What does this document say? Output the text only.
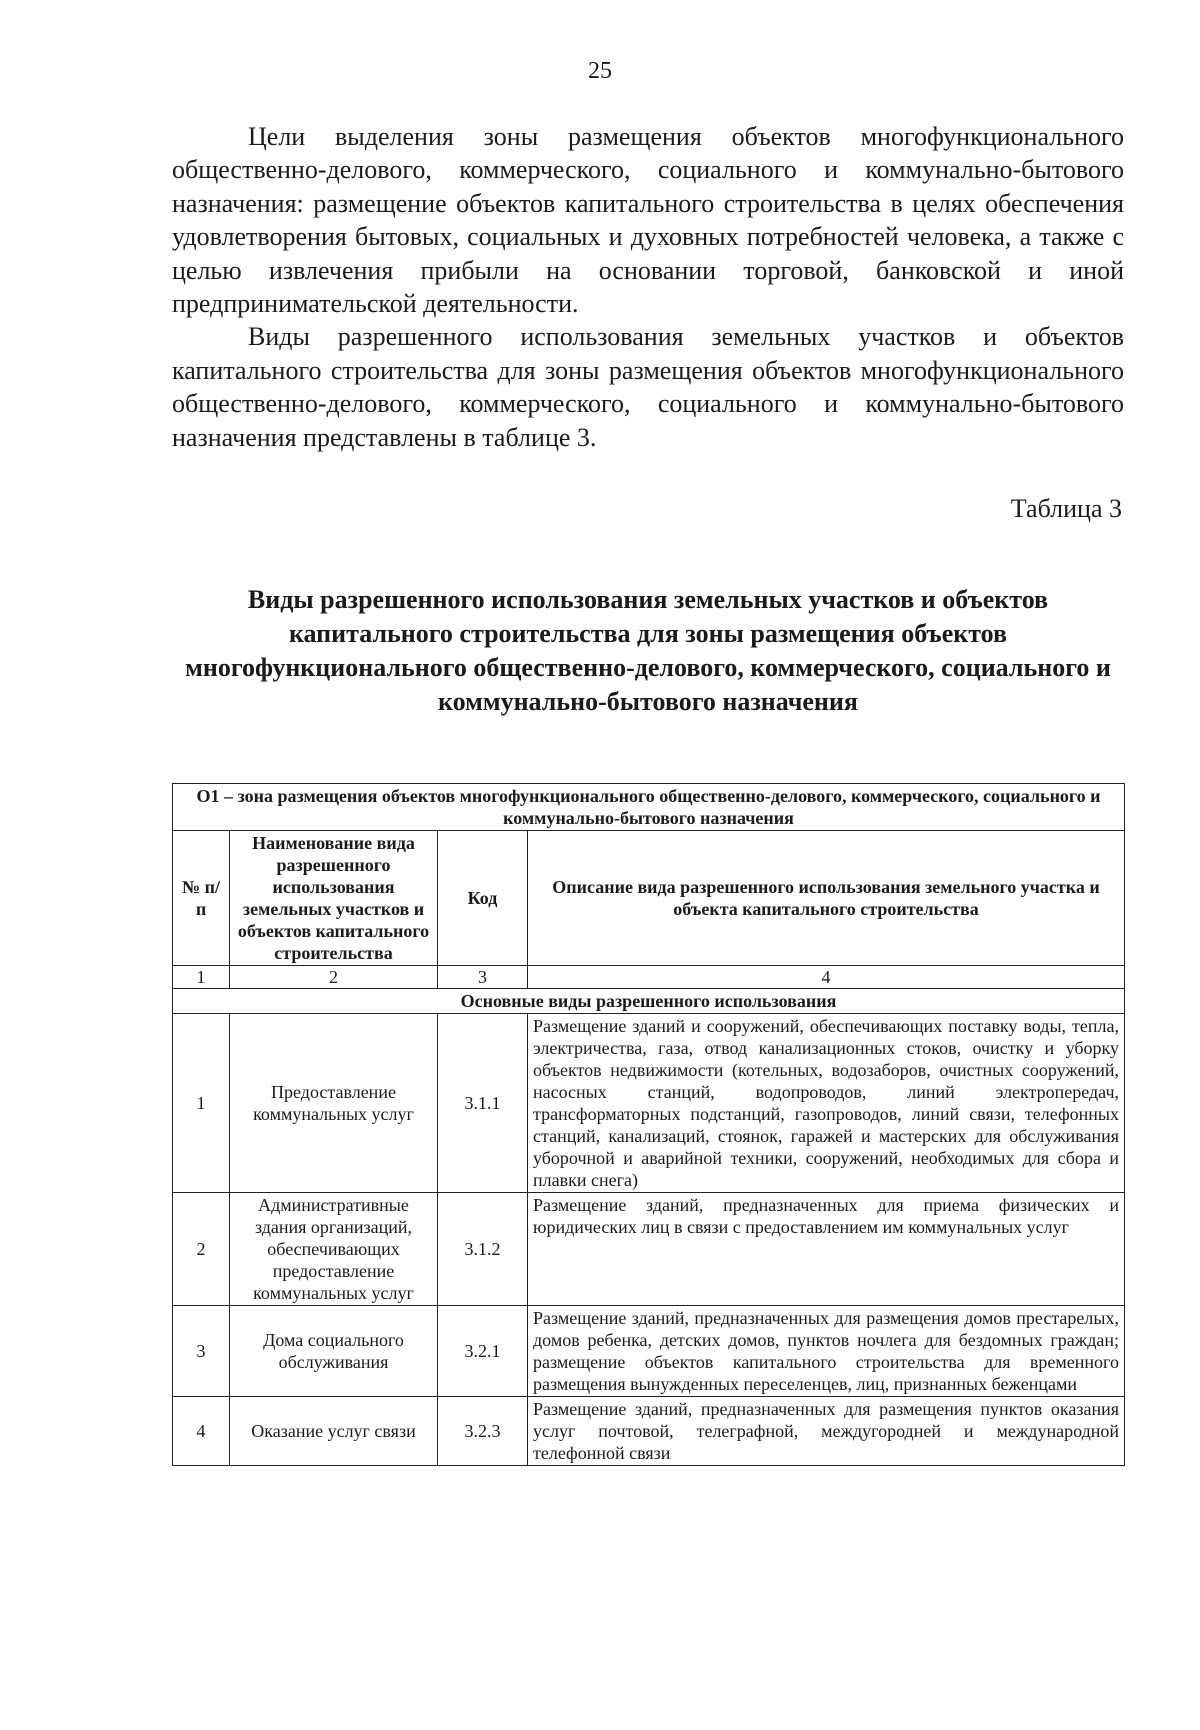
25

Цели выделения зоны размещения объектов многофункционального общественно-делового, коммерческого, социального и коммунально-бытового назначения: размещение объектов капитального строительства в целях обеспечения удовлетворения бытовых, социальных и духовных потребностей человека, а также с целью извлечения прибыли на основании торговой, банковской и иной предпринимательской деятельности.

Виды разрешенного использования земельных участков и объектов капитального строительства для зоны размещения объектов многофункционального общественно-делового, коммерческого, социального и коммунально-бытового назначения представлены в таблице 3.

Таблица 3
Виды разрешенного использования земельных участков и объектов капитального строительства для зоны размещения объектов многофункционального общественно-делового, коммерческого, социального и коммунально-бытового назначения
О1 – зона размещения объектов многофункционального общественно-делового, коммерческого, социального и коммунально-бытового назначения			
№ п/п	Наименование вида разрешенного использования земельных участков и объектов капитального строительства	Код	Описание вида разрешенного использования земельного участка и объекта капитального строительства
1	2	3	4
Основные виды разрешенного использования			
1	Предоставление коммунальных услуг	3.1.1	Размещение зданий и сооружений, обеспечивающих поставку воды, тепла, электричества, газа, отвод канализационных стоков, очистку и уборку объектов недвижимости (котельных, водозаборов, очистных сооружений, насосных станций, водопроводов, линий электропередач, трансформаторных подстанций, газопроводов, линий связи, телефонных станций, канализаций, стоянок, гаражей и мастерских для обслуживания уборочной и аварийной техники, сооружений, необходимых для сбора и плавки снега)
2	Административные здания организаций, обеспечивающих предоставление коммунальных услуг	3.1.2	Размещение зданий, предназначенных для приема физических и юридических лиц в связи с предоставлением им коммунальных услуг
3	Дома социального обслуживания	3.2.1	Размещение зданий, предназначенных для размещения домов престарелых, домов ребенка, детских домов, пунктов ночлега для бездомных граждан; размещение объектов капитального строительства для временного размещения вынужденных переселенцев, лиц, признанных беженцами
4	Оказание услуг связи	3.2.3	Размещение зданий, предназначенных для размещения пунктов оказания услуг почтовой, телеграфной, междугородней и международной телефонной связи
